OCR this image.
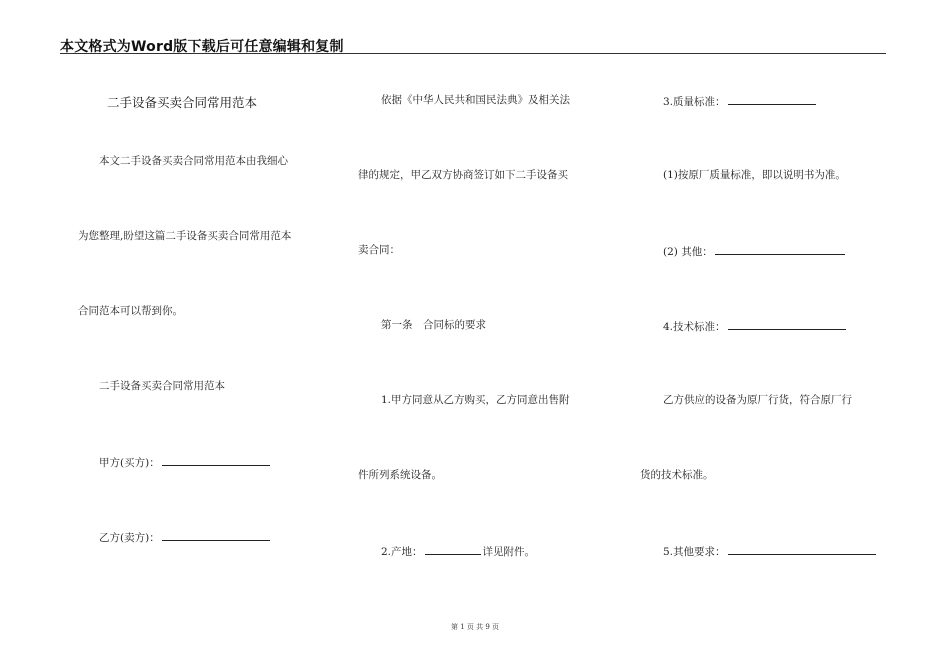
本文格式为Word版下载后可任意编辑和复制
二手设备买卖合同常用范本
本文二手设备买卖合同常用范本由我细心
为您整理,盼望这篇二手设备买卖合同常用范本
合同范本可以帮到你。
二手设备买卖合同常用范本
甲方(买方)：
乙方(卖方)：
依据《中华人民共和国民法典》及相关法
律的规定，甲乙双方协商签订如下二手设备买
卖合同：
第一条　合同标的要求
1.甲方同意从乙方购买，乙方同意出售附
件所列系统设备。
2.产地：	详见附件。
3.质量标准：
(1)按原厂质量标准，即以说明书为准。
(2) 其他：
4.技术标准：
乙方供应的设备为原厂行货，符合原厂行
货的技术标准。
5.其他要求：
第 1 页 共 9 页
